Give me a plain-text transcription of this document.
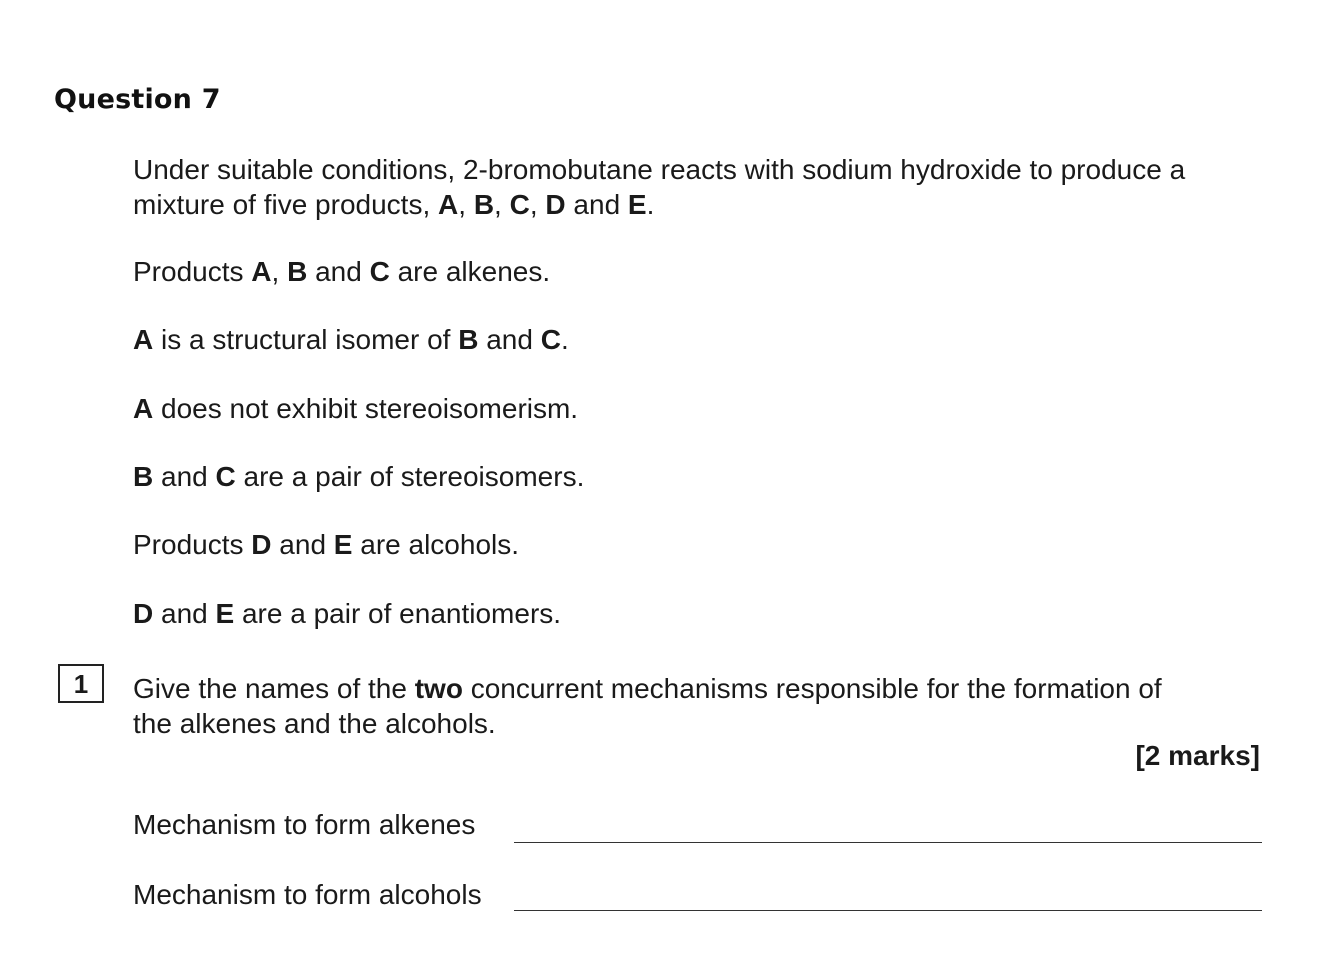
Question 7

Under suitable conditions, 2-bromobutane reacts with sodium hydroxide to produce a
mixture of five products, A, B, C, D and E.

Products A, B and C are alkenes.

A is a structural isomer of B and C.

A does not exhibit stereoisomerism.

B and C are a pair of stereoisomers.

Products D and E are alcohols.

D and E are a pair of enantiomers.

1	Give the names of the two concurrent mechanisms responsible for the formation of
the alkenes and the alcohols.

[2 marks]
Mechanism to form alkenes
Mechanism to form alcohols
